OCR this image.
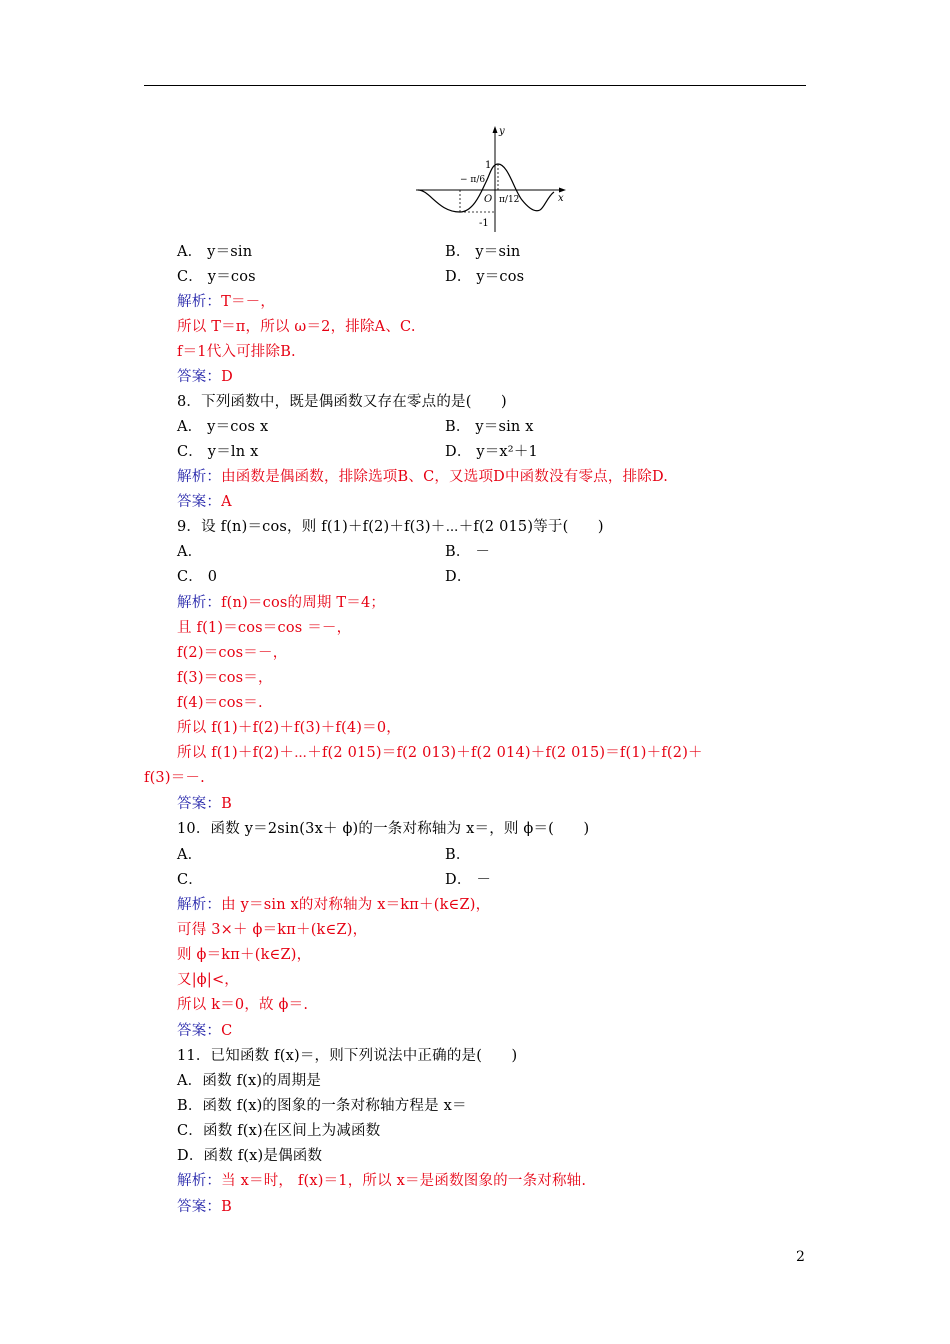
y
x
O
1
-1
− π/6
π/12
A． y＝sin	B． y＝sin
C． y＝cos	D． y＝cos
解析：T＝－，
所以 T＝π，所以 ω＝2，排除A、C.
f＝1代入可排除B.
答案：D
8．下列函数中，既是偶函数又存在零点的是(　　)
A． y＝cos x	B． y＝sin x
C． y＝ln x	D． y＝x²＋1
解析：由函数是偶函数，排除选项B、C，又选项D中函数没有零点，排除D.
答案：A
9．设 f(n)＝cos，则 f(1)＋f(2)＋f(3)＋⋯＋f(2 015)等于(　　)
A．	B． －
C． 0	D．
解析：f(n)＝cos的周期 T＝4；
且 f(1)＝cos＝cos ＝－，
f(2)＝cos＝－，
f(3)＝cos＝，
f(4)＝cos＝.
所以 f(1)＋f(2)＋f(3)＋f(4)＝0，
所以 f(1)＋f(2)＋⋯＋f(2 015)＝f(2 013)＋f(2 014)＋f(2 015)＝f(1)＋f(2)＋
f(3)＝－.
答案：B
10．函数 y＝2sin(3x＋ ϕ)的一条对称轴为 x＝，则 ϕ＝(　　)
A．	B．
C．	D． －
解析：由 y＝sin x的对称轴为 x＝kπ＋(k∈Z)，
可得 3×＋ ϕ＝kπ＋(k∈Z)，
则 ϕ＝kπ＋(k∈Z)，
又|ϕ|<，
所以 k＝0，故 ϕ＝.
答案：C
11．已知函数 f(x)＝，则下列说法中正确的是(　　)
A．函数 f(x)的周期是
B．函数 f(x)的图象的一条对称轴方程是 x＝
C．函数 f(x)在区间上为减函数
D．函数 f(x)是偶函数
解析：当 x＝时， f(x)＝1，所以 x＝是函数图象的一条对称轴.
答案：B
2
